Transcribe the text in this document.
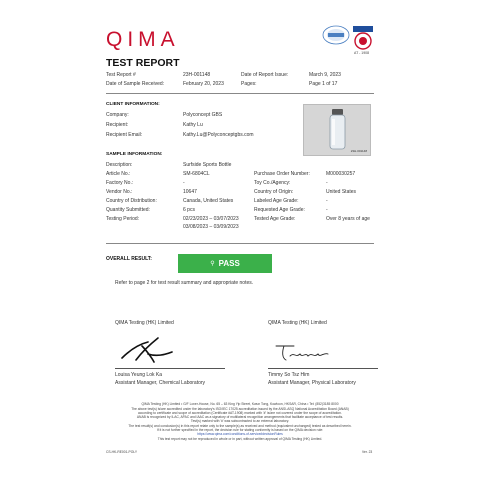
QIMA
AT - 1908
TEST REPORT
Test Report #	23H-001148	Date of Report Issue:	March 9, 2023
Date of Sample Received:	February 20, 2023	Pages:	Page 1 of 17
CLIENT INFORMATION:
Company:	Polyconcept GBS
Recipient:	Kathy Lu
Recipient Email:	Kathy.Lu@Polyconceptgbs.com
23H-001148
SAMPLE INFORMATION:
Description:	Surfside Sports Bottle
Article No.:	SM-6804CL	Purchase Order Number:	M000030257
Factory No.:	-	Toy Co./Agency:	-
Vendor No.:	10647	Country of Origin:	United States
Country of Distribution:	Canada, United States	Labeled Age Grade:	-
Quantity Submitted:	6 pcs	Requested Age Grade:	-
Testing Period:	02/23/2023 – 03/07/2023
03/08/2023 – 03/09/2023
Tested Age Grade:	Over 8 years of age
OVERALL RESULT:
⚲ PASS
Refer to page 2 for test result summary and appropriate notes.
QIMA Testing (HK) Limited	QIMA Testing (HK) Limited
Louisa Yeung Lok Ka
Assistant Manager, Chemical Laboratory
Timmy So Tsz Him
Assistant Manager, Physical Laboratory
QIMA Testing (HK) Limited • G/F Lover-House, No. 65 – 63 King Yip Street, Kwun Tong, Kowloon, HKSAR, China • Tel: (852)3185 8000
The above test(s) is/are accredited under the laboratory's ISO/IEC 17025 accreditation issued by the ANSI-ASQ National Accreditation Board (ANAB)
according to certificate and scope of accreditation (Certificate #AT-1908) marked with '#' is/are not covered under the scope of accreditation.
ANAB is recognized by ILAC, APAC and IAAC as a signatory of multilateral recognition arrangements that facilitate acceptance of test results.
Test(s) marked with '#' was subcontracted to an external laboratory.
The test result(s) and conclusion(s) in this report relate only to the sample(s) as received and method (equivalent unchanged) tested as described herein.
If it is not further specified in the report, the decision rule for stating conformity is based on the QIMA decision rule:
https://www.qima.com/conditions-of-service#decisionRules
This test report may not be reproduced in whole or in part, without written approval of QIMA Testing (HK) Limited.
CS-HK-RE001-POLY	Ver. 23
